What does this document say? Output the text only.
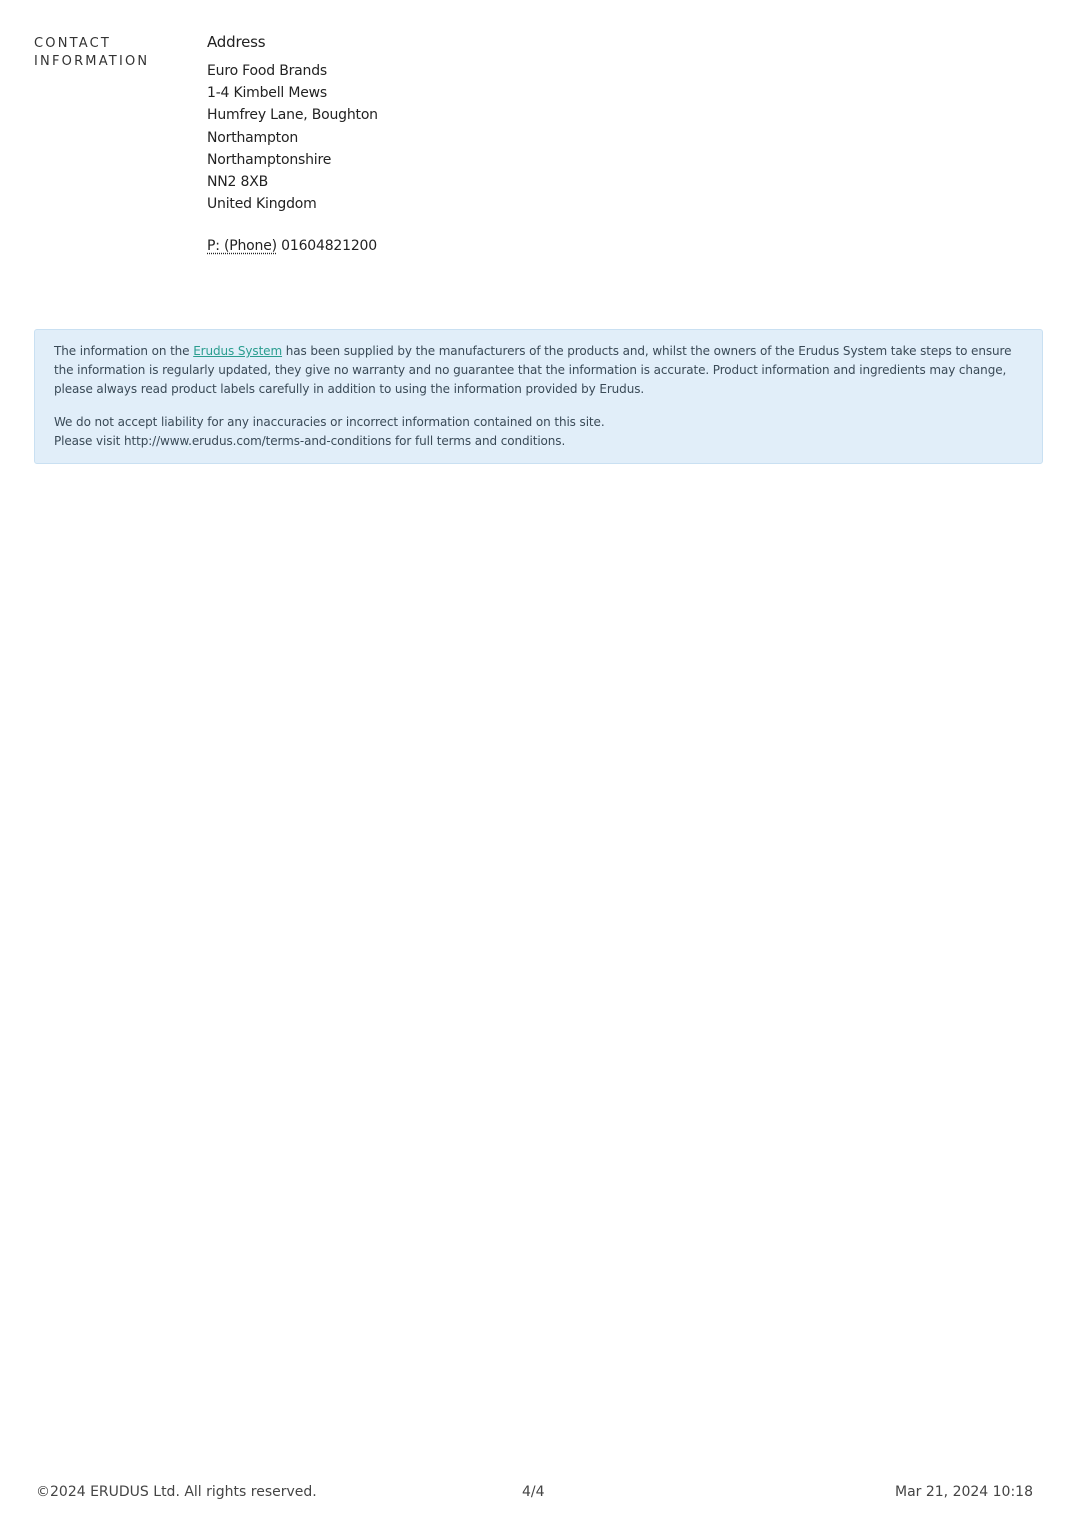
CONTACT INFORMATION
Address
Euro Food Brands
1-4 Kimbell Mews
Humfrey Lane, Boughton
Northampton
Northamptonshire
NN2 8XB
United Kingdom
P: (Phone) 01604821200

The information on the Erudus System has been supplied by the manufacturers of the products and, whilst the owners of the Erudus System take steps to ensure the information is regularly updated, they give no warranty and no guarantee that the information is accurate. Product information and ingredients may change, please always read product labels carefully in addition to using the information provided by Erudus.

We do not accept liability for any inaccuracies or incorrect information contained on this site.
Please visit http://www.erudus.com/terms-and-conditions for full terms and conditions.

©2024 ERUDUS Ltd. All rights reserved.	4/4	Mar 21, 2024 10:18
